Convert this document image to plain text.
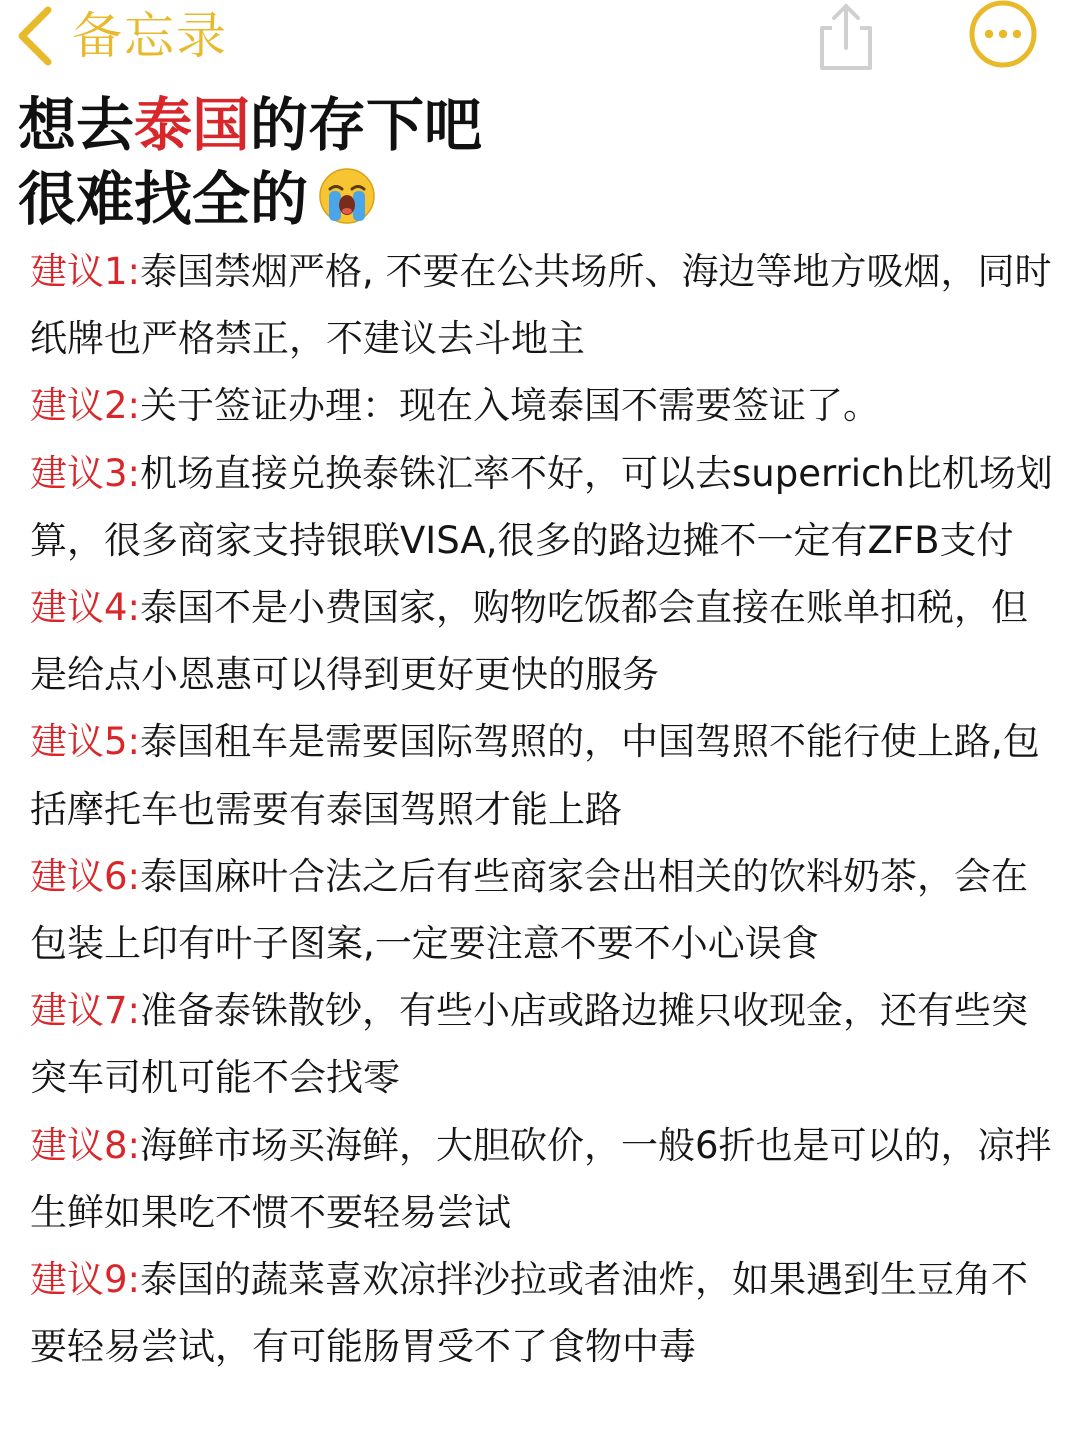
备忘录
想去泰国的存下吧
很难找全的

建议1:泰国禁烟严格, 不要在公共场所、海边等地方吸烟，同时纸牌也严格禁正，不建议去斗地主

建议2:关于签证办理：现在入境泰国不需要签证了。

建议3:机场直接兑换泰铢汇率不好，可以去superrich比机场划算，很多商家支持银联VISA,很多的路边摊不一定有ZFB支付

建议4:泰国不是小费国家，购物吃饭都会直接在账单扣税，但是给点小恩惠可以得到更好更快的服务

建议5:泰国租车是需要国际驾照的，中国驾照不能行使上路,包括摩托车也需要有泰国驾照才能上路

建议6:泰国麻叶合法之后有些商家会出相关的饮料奶茶，会在包装上印有叶子图案,一定要注意不要不小心误食

建议7:准备泰铢散钞，有些小店或路边摊只收现金，还有些突突车司机可能不会找零

建议8:海鲜市场买海鲜，大胆砍价，一般6折也是可以的，凉拌生鲜如果吃不惯不要轻易尝试

建议9:泰国的蔬菜喜欢凉拌沙拉或者油炸，如果遇到生豆角不要轻易尝试，有可能肠胃受不了食物中毒
